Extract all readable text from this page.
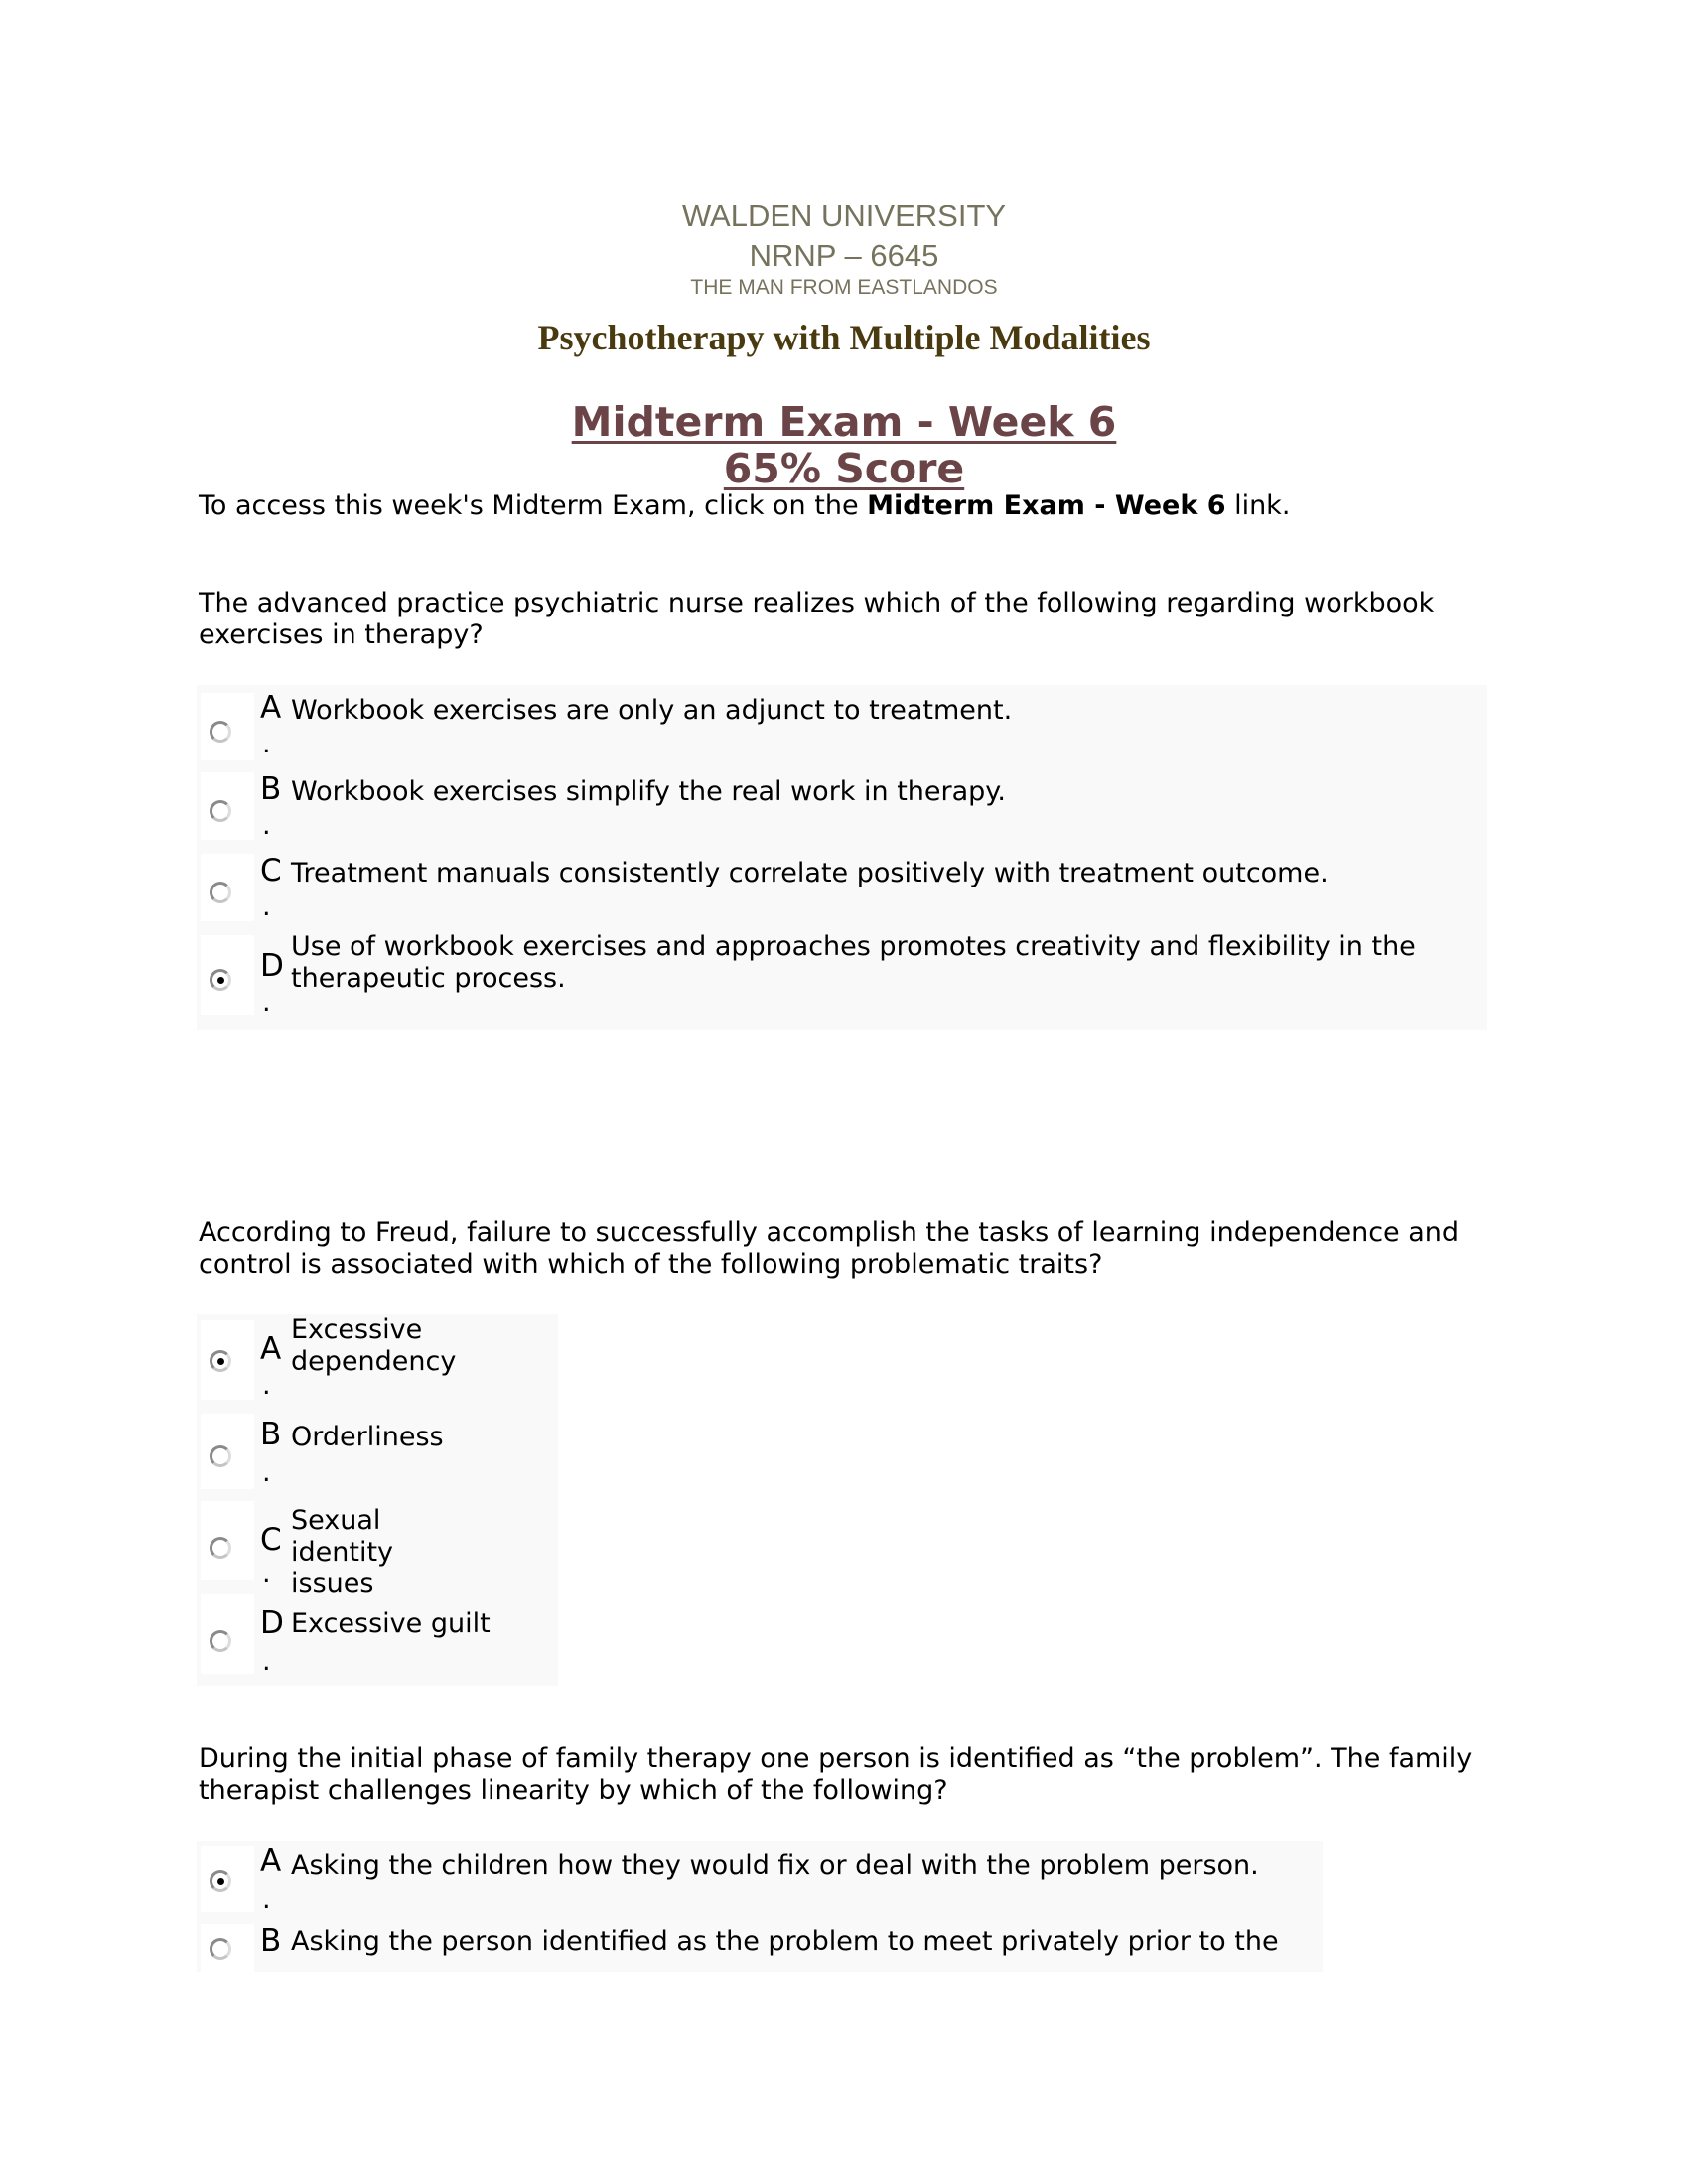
WALDEN UNIVERSITY
NRNP – 6645
THE MAN FROM EASTLANDOS
Psychotherapy with Multiple Modalities
Midterm Exam - Week 6
65% Score
To access this week's Midterm Exam, click on the Midterm Exam - Week 6 link.
The advanced practice psychiatric nurse realizes which of the following regarding workbook exercises in therapy?
A
.
Workbook exercises are only an adjunct to treatment.
B
.
Workbook exercises simplify the real work in therapy.
C
.
Treatment manuals consistently correlate positively with treatment outcome.
D
.
Use of workbook exercises and approaches promotes creativity and flexibility in the therapeutic process.
According to Freud, failure to successfully accomplish the tasks of learning independence and control is associated with which of the following problematic traits?
A
.
Excessive dependency
B
.
Orderliness
C
.
Sexual identity issues
D
.
Excessive guilt
During the initial phase of family therapy one person is identified as “the problem”. The family therapist challenges linearity by which of the following?
A
.
Asking the children how they would fix or deal with the problem person.
B Asking the person identified as the problem to meet privately prior to the
